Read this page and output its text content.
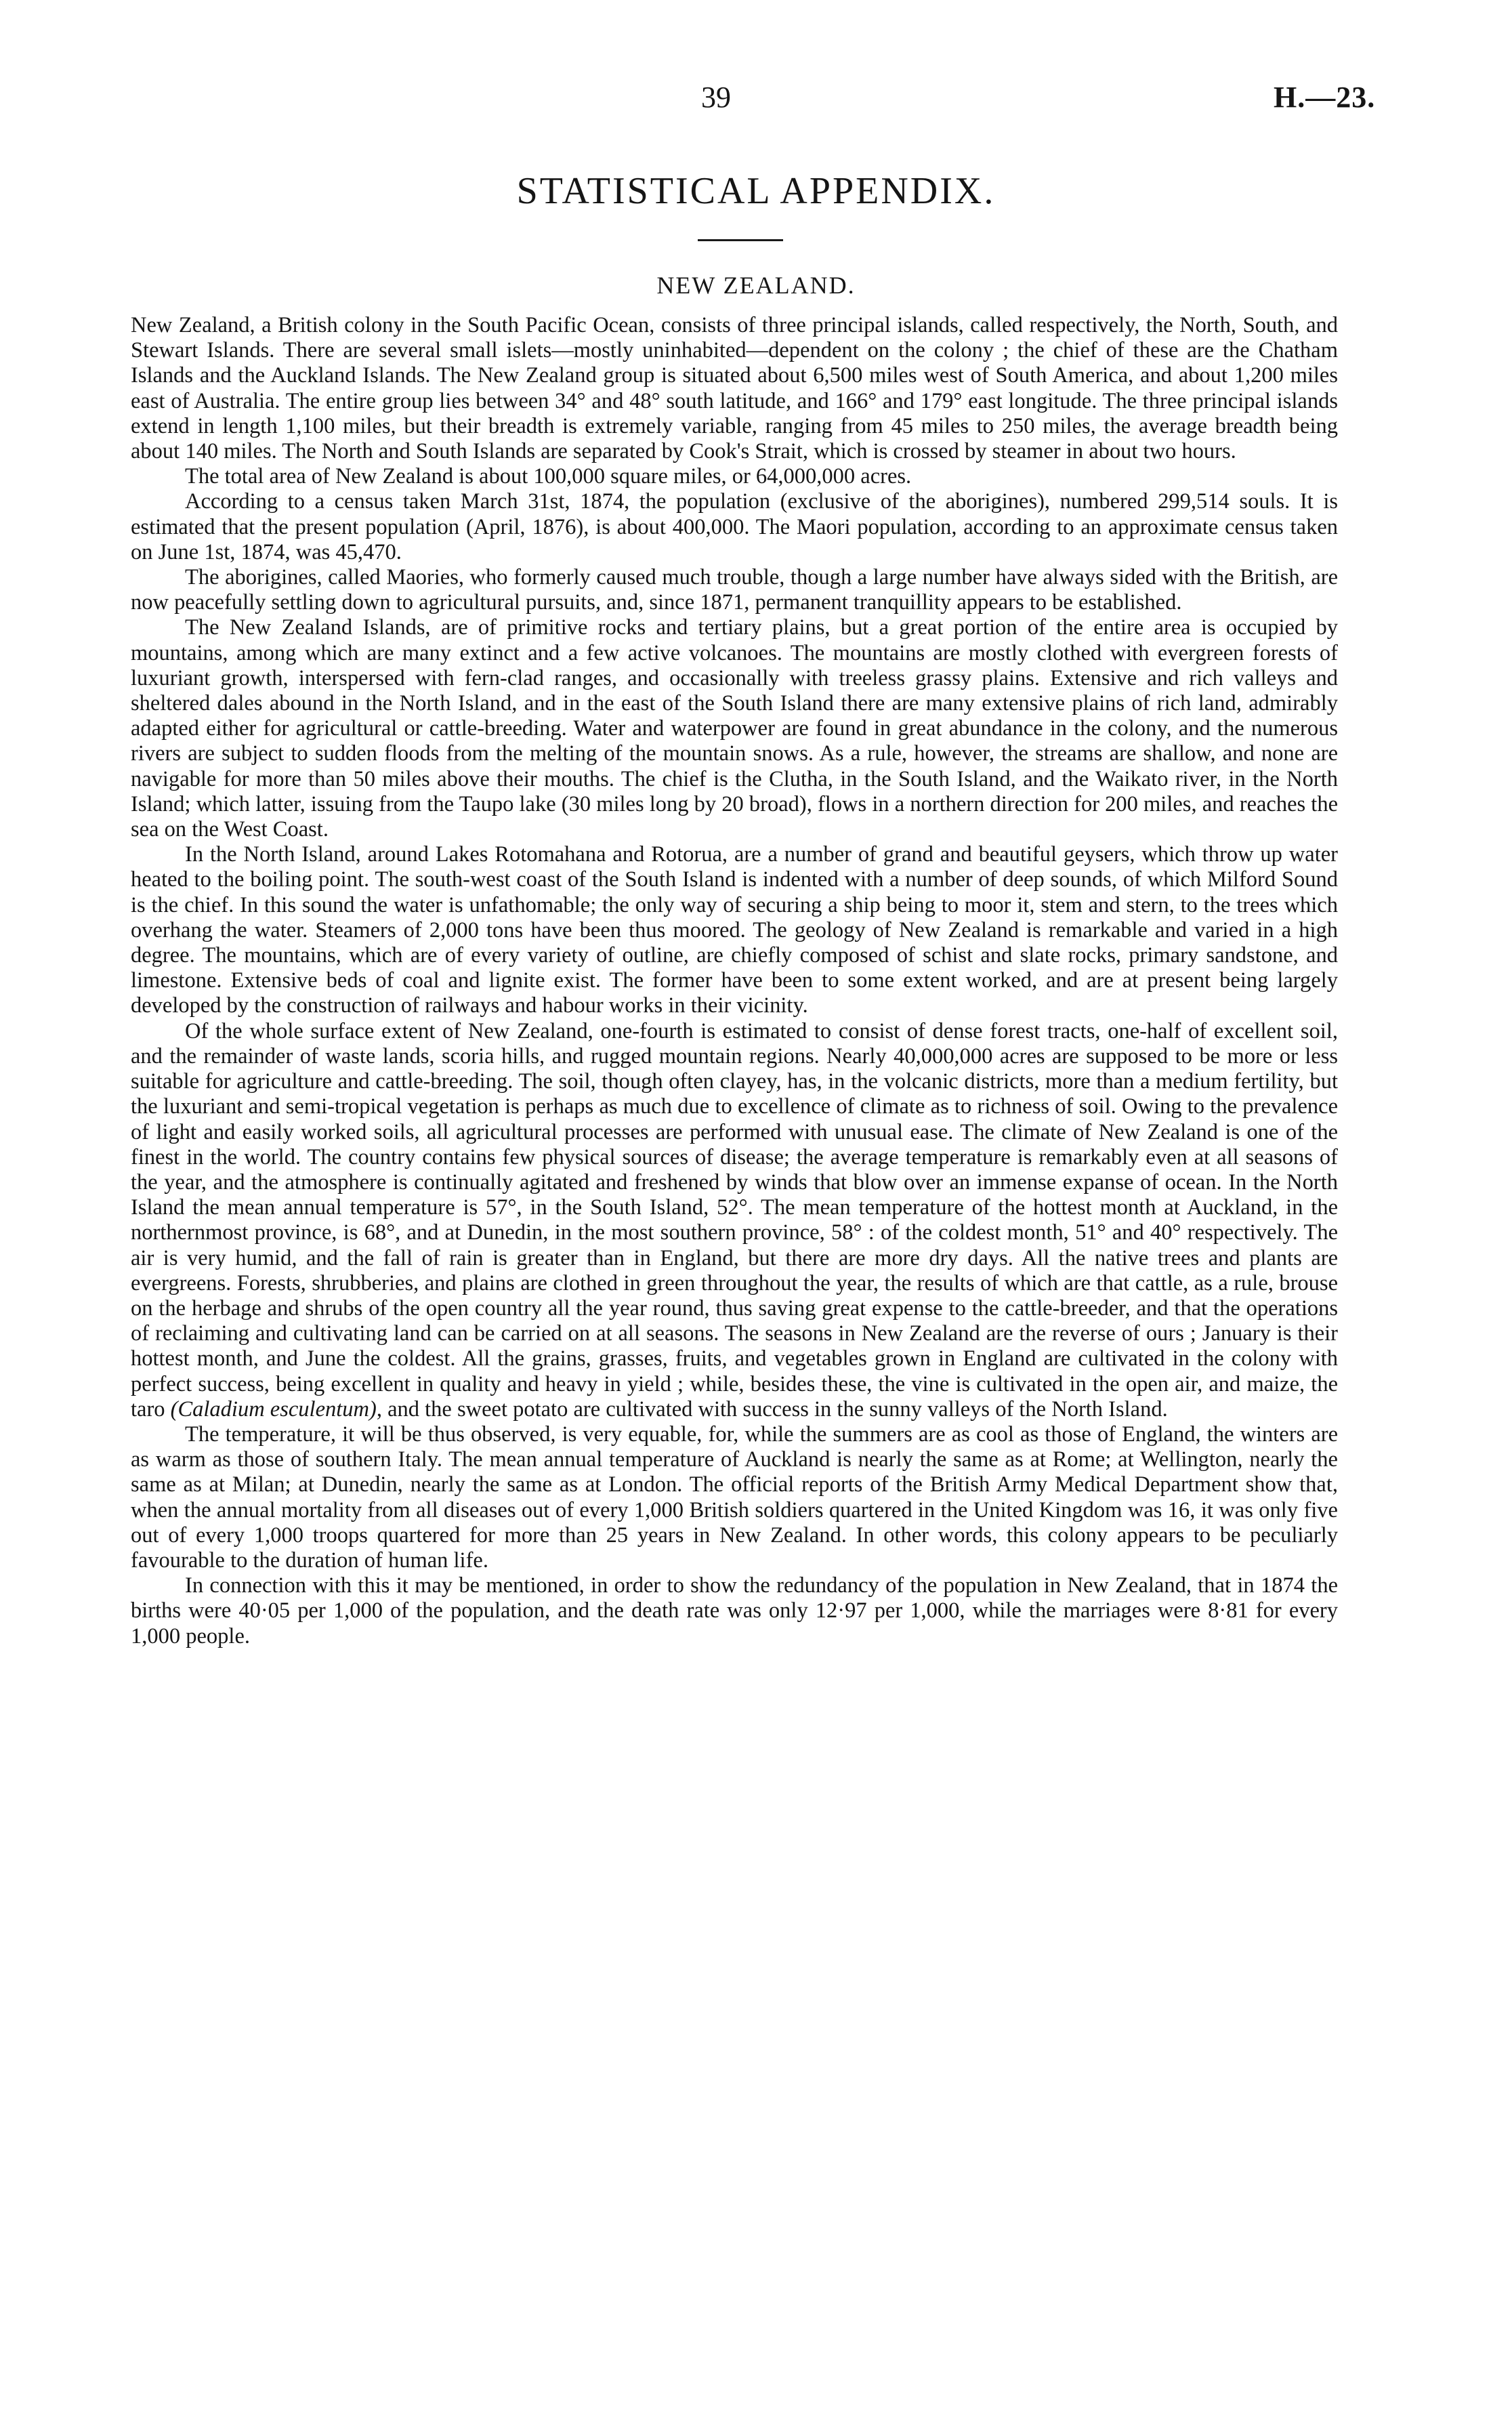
39	H.—23.
STATISTICAL APPENDIX.
NEW ZEALAND.

New Zealand, a British colony in the South Pacific Ocean, consists of three principal islands, called respectively, the North, South, and Stewart Islands. There are several small islets—mostly uninhabited—dependent on the colony ; the chief of these are the Chatham Islands and the Auckland Islands. The New Zealand group is situated about 6,500 miles west of South America, and about 1,200 miles east of Australia. The entire group lies between 34° and 48° south latitude, and 166° and 179° east longitude. The three principal islands extend in length 1,100 miles, but their breadth is extremely variable, ranging from 45 miles to 250 miles, the average breadth being about 140 miles. The North and South Islands are separated by Cook's Strait, which is crossed by steamer in about two hours.

The total area of New Zealand is about 100,000 square miles, or 64,000,000 acres.

According to a census taken March 31st, 1874, the population (exclusive of the aborigines), numbered 299,514 souls. It is estimated that the present population (April, 1876), is about 400,000. The Maori population, according to an approximate census taken on June 1st, 1874, was 45,470.

The aborigines, called Maories, who formerly caused much trouble, though a large number have always sided with the British, are now peacefully settling down to agricultural pursuits, and, since 1871, permanent tranquillity appears to be established.

The New Zealand Islands, are of primitive rocks and tertiary plains, but a great portion of the entire area is occupied by mountains, among which are many extinct and a few active volcanoes. The mountains are mostly clothed with evergreen forests of luxuriant growth, interspersed with fern-clad ranges, and occasionally with treeless grassy plains. Extensive and rich valleys and sheltered dales abound in the North Island, and in the east of the South Island there are many extensive plains of rich land, admirably adapted either for agricultural or cattle-breeding. Water and waterpower are found in great abundance in the colony, and the numerous rivers are subject to sudden floods from the melting of the mountain snows. As a rule, however, the streams are shallow, and none are navigable for more than 50 miles above their mouths. The chief is the Clutha, in the South Island, and the Waikato river, in the North Island; which latter, issuing from the Taupo lake (30 miles long by 20 broad), flows in a northern direction for 200 miles, and reaches the sea on the West Coast.

In the North Island, around Lakes Rotomahana and Rotorua, are a number of grand and beautiful geysers, which throw up water heated to the boiling point. The south-west coast of the South Island is indented with a number of deep sounds, of which Milford Sound is the chief. In this sound the water is unfathomable; the only way of securing a ship being to moor it, stem and stern, to the trees which overhang the water. Steamers of 2,000 tons have been thus moored. The geology of New Zealand is remarkable and varied in a high degree. The mountains, which are of every variety of outline, are chiefly composed of schist and slate rocks, primary sandstone, and limestone. Extensive beds of coal and lignite exist. The former have been to some extent worked, and are at present being largely developed by the construction of railways and habour works in their vicinity.

Of the whole surface extent of New Zealand, one-fourth is estimated to consist of dense forest tracts, one-half of excellent soil, and the remainder of waste lands, scoria hills, and rugged mountain regions. Nearly 40,000,000 acres are supposed to be more or less suitable for agriculture and cattle-breeding. The soil, though often clayey, has, in the volcanic districts, more than a medium fertility, but the luxuriant and semi-tropical vegetation is perhaps as much due to excellence of climate as to richness of soil. Owing to the prevalence of light and easily worked soils, all agricultural processes are performed with unusual ease. The climate of New Zealand is one of the finest in the world. The country contains few physical sources of disease; the average temperature is remarkably even at all seasons of the year, and the atmosphere is continually agitated and freshened by winds that blow over an immense expanse of ocean. In the North Island the mean annual temperature is 57°, in the South Island, 52°. The mean temperature of the hottest month at Auckland, in the northernmost province, is 68°, and at Dunedin, in the most southern province, 58° : of the coldest month, 51° and 40° respectively. The air is very humid, and the fall of rain is greater than in England, but there are more dry days. All the native trees and plants are evergreens. Forests, shrubberies, and plains are clothed in green throughout the year, the results of which are that cattle, as a rule, brouse on the herbage and shrubs of the open country all the year round, thus saving great expense to the cattle-breeder, and that the operations of reclaiming and cultivating land can be carried on at all seasons. The seasons in New Zealand are the reverse of ours ; January is their hottest month, and June the coldest. All the grains, grasses, fruits, and vegetables grown in England are cultivated in the colony with perfect success, being excellent in quality and heavy in yield ; while, besides these, the vine is cultivated in the open air, and maize, the taro (Caladium esculentum), and the sweet potato are cultivated with success in the sunny valleys of the North Island.

The temperature, it will be thus observed, is very equable, for, while the summers are as cool as those of England, the winters are as warm as those of southern Italy. The mean annual temperature of Auckland is nearly the same as at Rome; at Wellington, nearly the same as at Milan; at Dunedin, nearly the same as at London. The official reports of the British Army Medical Department show that, when the annual mortality from all diseases out of every 1,000 British soldiers quartered in the United Kingdom was 16, it was only five out of every 1,000 troops quartered for more than 25 years in New Zealand. In other words, this colony appears to be peculiarly favourable to the duration of human life.

In connection with this it may be mentioned, in order to show the redundancy of the population in New Zealand, that in 1874 the births were 40·05 per 1,000 of the population, and the death rate was only 12·97 per 1,000, while the marriages were 8·81 for every 1,000 people.
